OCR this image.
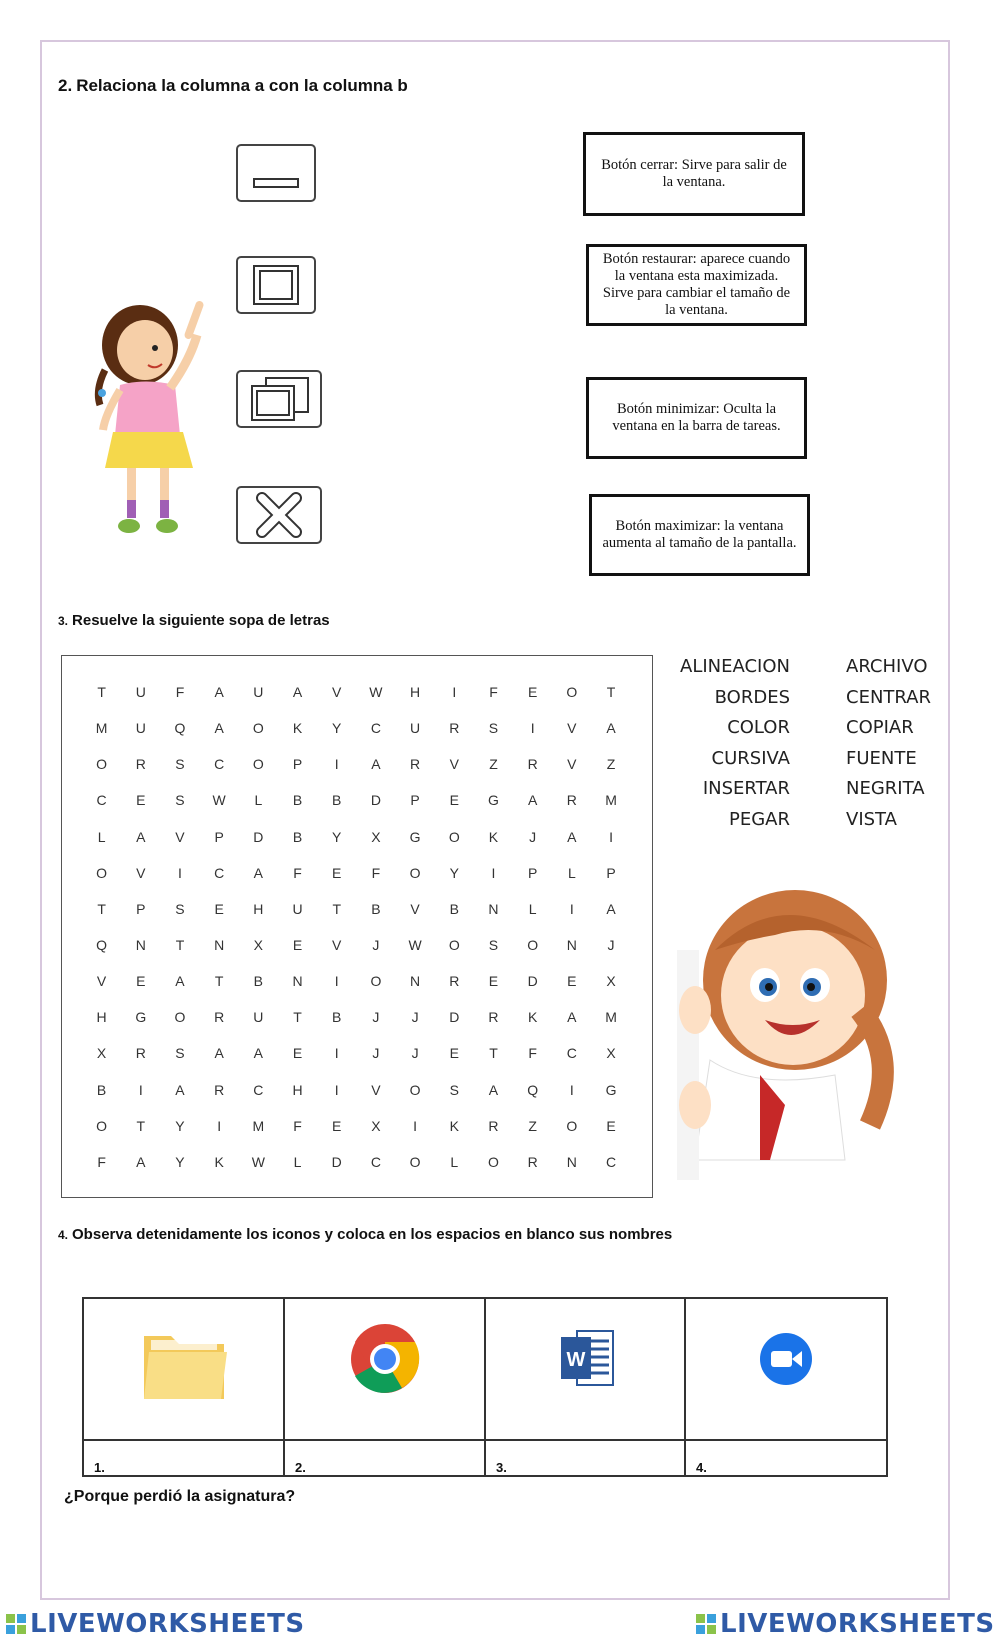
2. Relaciona la columna a con la columna b
Botón cerrar: Sirve para salir de la ventana.
Botón restaurar: aparece cuando la ventana esta maximizada. Sirve para cambiar el tamaño de la ventana.
Botón minimizar: Oculta la ventana en la barra de tareas.
Botón maximizar: la ventana aumenta al tamaño de la pantalla.
3. Resuelve la siguiente sopa de letras
T	U	F	A	U	A	V	W	H	I	F	E	O	T
M	U	Q	A	O	K	Y	C	U	R	S	I	V	A
O	R	S	C	O	P	I	A	R	V	Z	R	V	Z
C	E	S	W	L	B	B	D	P	E	G	A	R	M
L	A	V	P	D	B	Y	X	G	O	K	J	A	I
O	V	I	C	A	F	E	F	O	Y	I	P	L	P
T	P	S	E	H	U	T	B	V	B	N	L	I	A
Q	N	T	N	X	E	V	J	W	O	S	O	N	J
V	E	A	T	B	N	I	O	N	R	E	D	E	X
H	G	O	R	U	T	B	J	J	D	R	K	A	M
X	R	S	A	A	E	I	J	J	E	T	F	C	X
B	I	A	R	C	H	I	V	O	S	A	Q	I	G
O	T	Y	I	M	F	E	X	I	K	R	Z	O	E
F	A	Y	K	W	L	D	C	O	L	O	R	N	C
ALINEACION
BORDES
COLOR
CURSIVA
INSERTAR
PEGAR
ARCHIVO
CENTRAR
COPIAR
FUENTE
NEGRITA
VISTA
4. Observa detenidamente los iconos y coloca en los espacios en blanco sus nombres
W
1.	2.	3.	4.
¿Porque perdió la asignatura?
LIVEWORKSHEETS	LIVEWORKSHEETS
